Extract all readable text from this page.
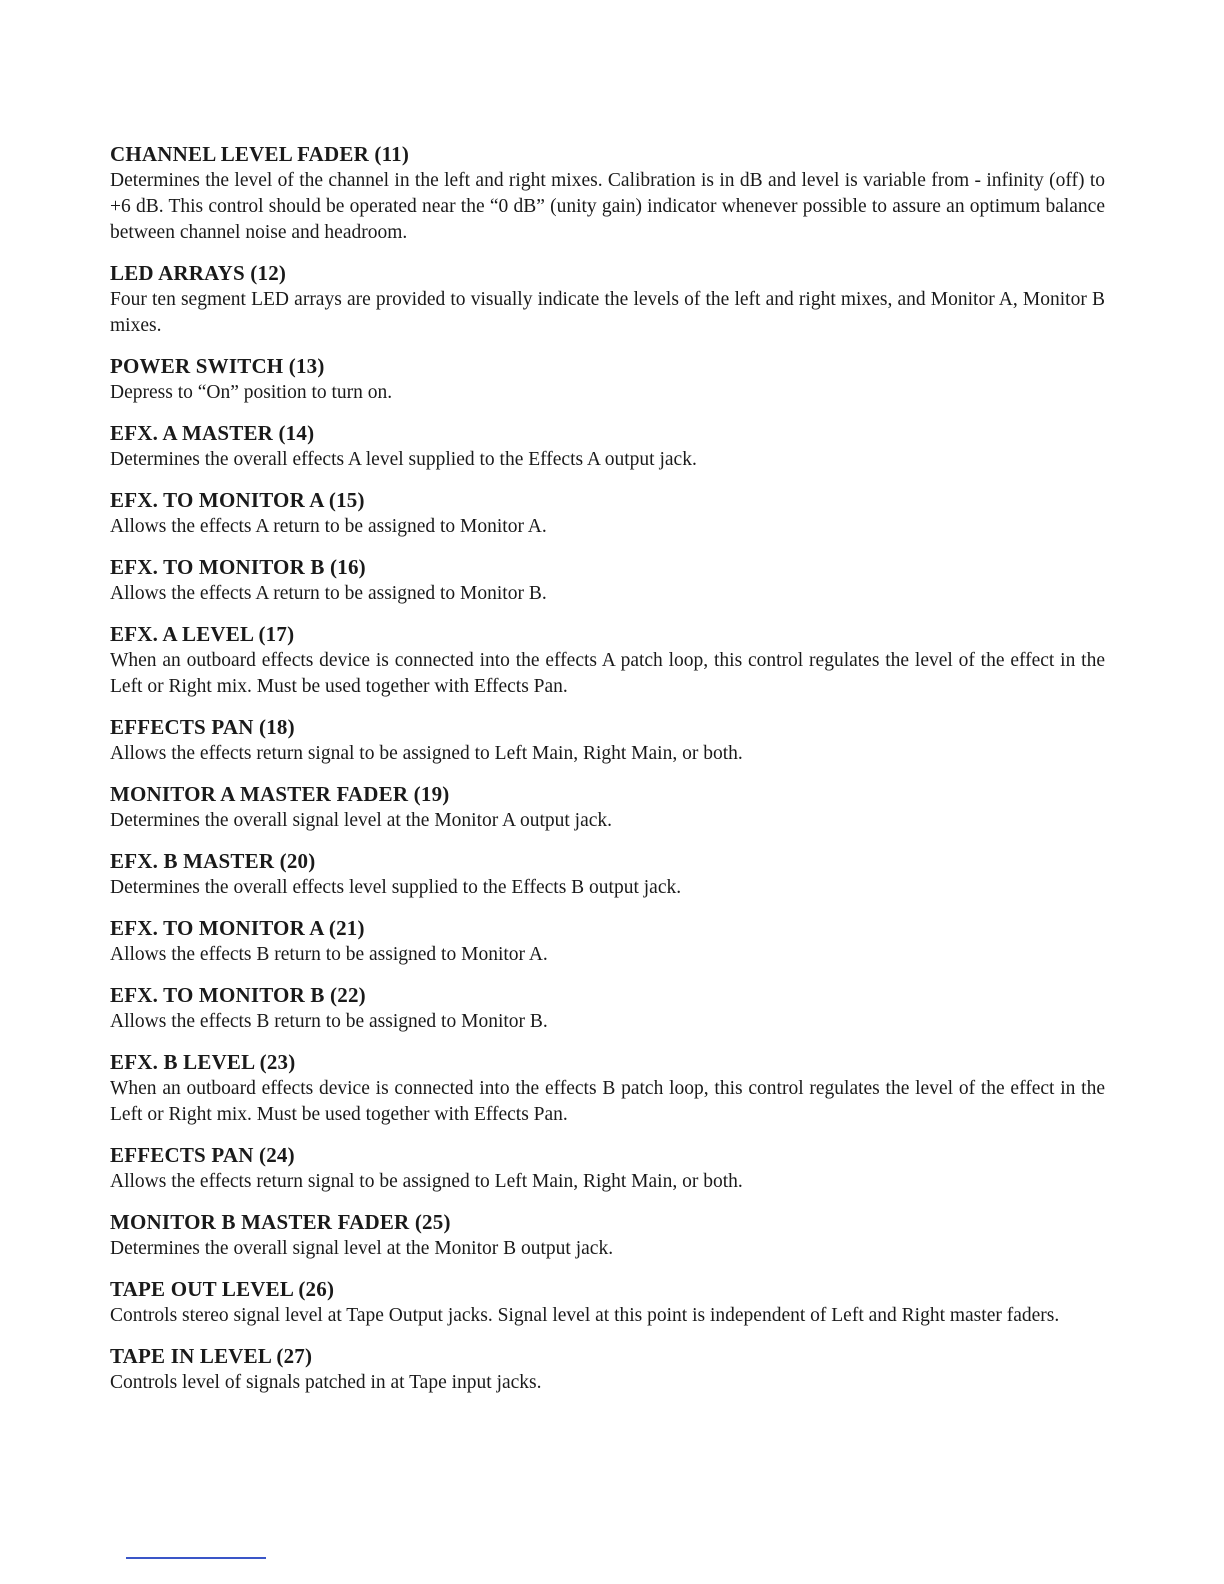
CHANNEL LEVEL FADER (11)
Determines the level of the channel in the left and right mixes. Calibration is in dB and level is variable from - infinity (off) to +6 dB. This control should be operated near the “0 dB” (unity gain) indicator whenever possible to assure an optimum balance between channel noise and headroom.
LED ARRAYS (12)
Four ten segment LED arrays are provided to visually indicate the levels of the left and right mixes, and Monitor A, Monitor B mixes.
POWER SWITCH (13)
Depress to “On” position to turn on.
EFX. A MASTER (14)
Determines the overall effects A level supplied to the Effects A output jack.
EFX. TO MONITOR A (15)
Allows the effects A return to be assigned to Monitor A.
EFX. TO MONITOR B (16)
Allows the effects A return to be assigned to Monitor B.
EFX. A LEVEL (17)
When an outboard effects device is connected into the effects A patch loop, this control regulates the level of the effect in the Left or Right mix. Must be used together with Effects Pan.
EFFECTS PAN (18)
Allows the effects return signal to be assigned to Left Main, Right Main, or both.
MONITOR A MASTER FADER (19)
Determines the overall signal level at the Monitor A output jack.
EFX. B MASTER (20)
Determines the overall effects level supplied to the Effects B output jack.
EFX. TO MONITOR A (21)
Allows the effects B return to be assigned to Monitor A.
EFX. TO MONITOR B (22)
Allows the effects B return to be assigned to Monitor B.
EFX. B LEVEL (23)
When an outboard effects device is connected into the effects B patch loop, this control regulates the level of the effect in the Left or Right mix. Must be used together with Effects Pan.
EFFECTS PAN (24)
Allows the effects return signal to be assigned to Left Main, Right Main, or both.
MONITOR B MASTER FADER (25)
Determines the overall signal level at the Monitor B output jack.
TAPE OUT LEVEL (26)
Controls stereo signal level at Tape Output jacks. Signal level at this point is independent of Left and Right master faders.
TAPE IN LEVEL (27)
Controls level of signals patched in at Tape input jacks.
